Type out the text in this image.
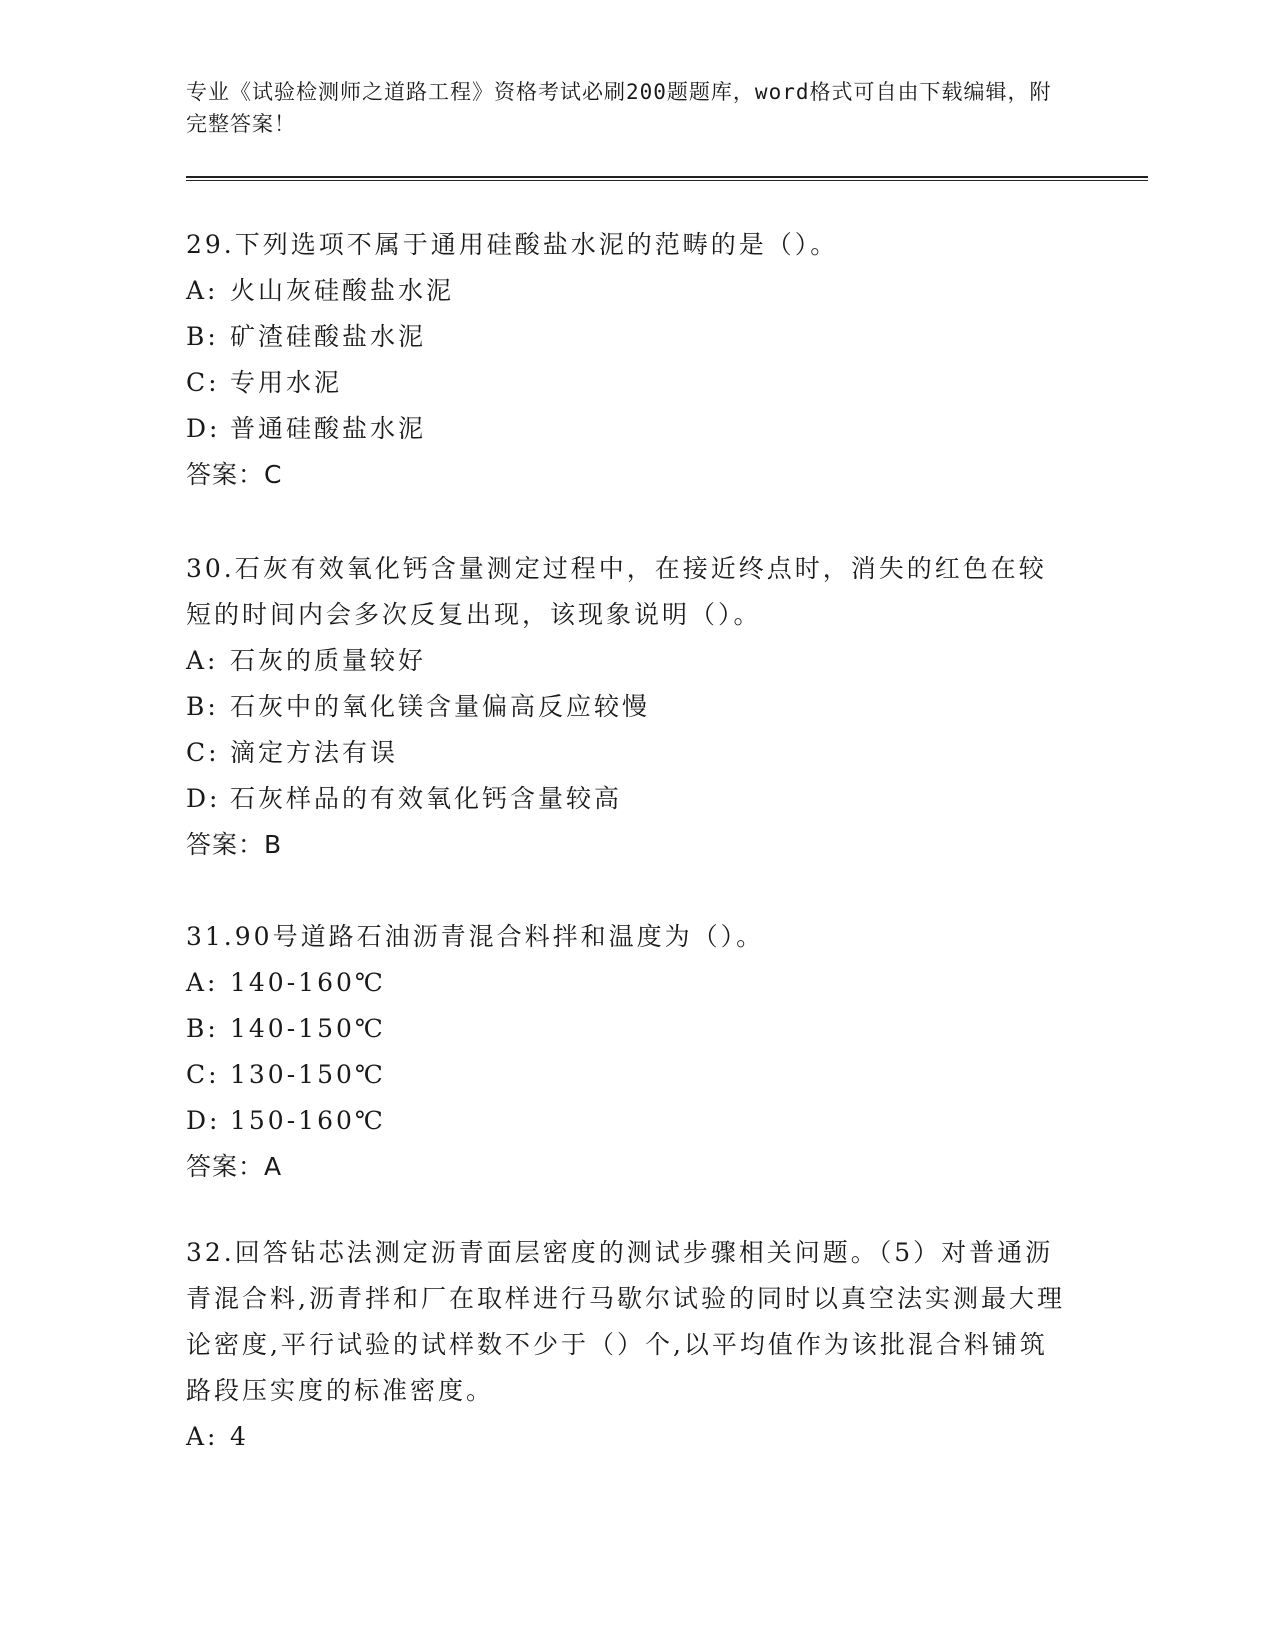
专业《试验检测师之道路工程》资格考试必刷200题题库，word格式可自由下载编辑，附完整答案！

29.下列选项不属于通用硅酸盐水泥的范畴的是（）。

A: 火山灰硅酸盐水泥

B: 矿渣硅酸盐水泥

C: 专用水泥

D: 普通硅酸盐水泥

答案：C

30.石灰有效氧化钙含量测定过程中，在接近终点时，消失的红色在较短的时间内会多次反复出现，该现象说明（）。

A: 石灰的质量较好

B: 石灰中的氧化镁含量偏高反应较慢

C: 滴定方法有误

D: 石灰样品的有效氧化钙含量较高

答案：B

31.90号道路石油沥青混合料拌和温度为（）。

A: 140-160℃

B: 140-150℃

C: 130-150℃

D: 150-160℃

答案：A

32.回答钻芯法测定沥青面层密度的测试步骤相关问题。（5）对普通沥青混合料,沥青拌和厂在取样进行马歇尔试验的同时以真空法实测最大理论密度,平行试验的试样数不少于（）个,以平均值作为该批混合料铺筑路段压实度的标准密度。

A: 4
